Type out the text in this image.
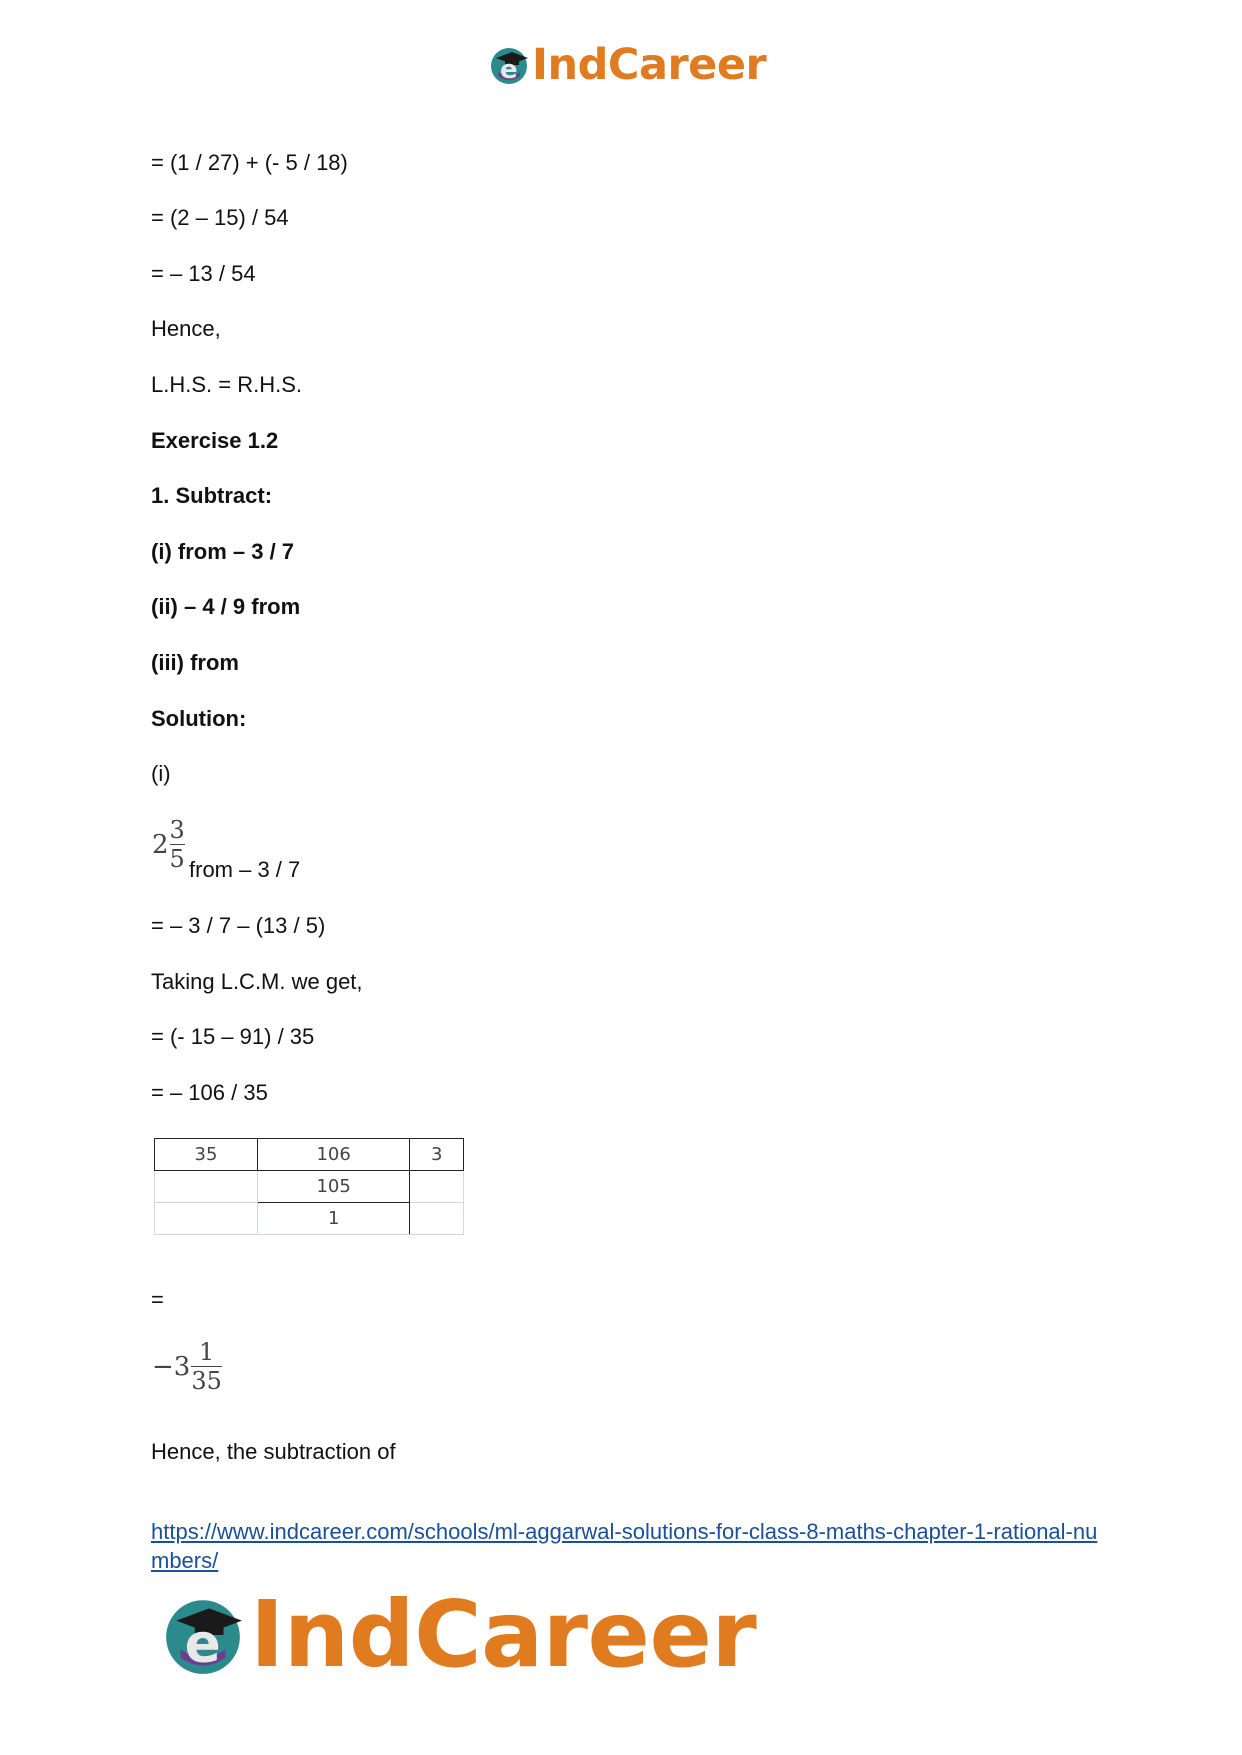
e IndCareer
= (1 / 27) + (- 5 / 18)
= (2 – 15) / 54
= – 13 / 54
Hence,
L.H.S. = R.H.S.
Exercise 1.2
1. Subtract:
(i) from – 3 / 7
(ii) – 4 / 9 from
(iii) from
Solution:
(i)
2 3
5 from – 3 / 7
= – 3 / 7 – (13 / 5)
Taking L.C.M. we get,
= (- 15 – 91) / 35
= – 106 / 35
35	106	3
	105	
	1	
=
−3 1
35
Hence, the subtraction of
https://www.indcareer.com/schools/ml-aggarwal-solutions-for-class-8-maths-chapter-1-rational-numbers/
e IndCareer
